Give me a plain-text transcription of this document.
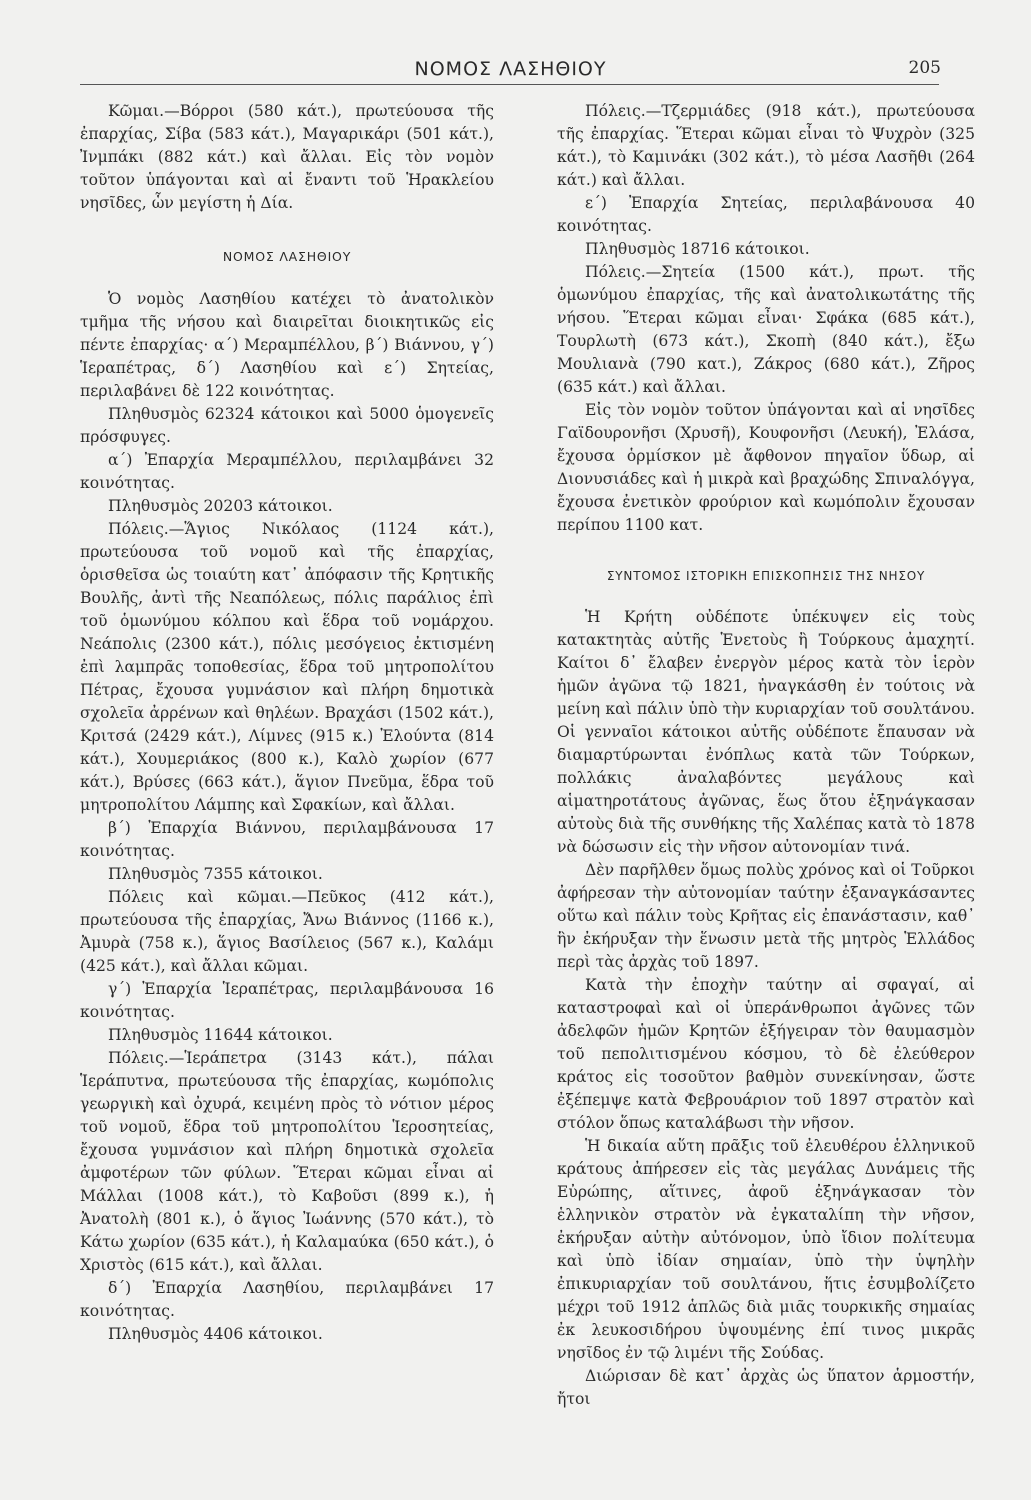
ΝΟΜΟΣ ΛΑΣΗΘΙΟΥ	205

Κῶμαι.—Βόρροι (580 κάτ.), πρωτεύουσα τῆς ἐπαρχίας, Σίβα (583 κάτ.), Μαγαρικάρι (501 κάτ.), Ἰνμπάκι (882 κάτ.) καὶ ἄλλαι. Εἰς τὸν νομὸν τοῦτον ὑπάγονται καὶ αἱ ἔναντι τοῦ Ἡρακλείου νησῖδες, ὧν μεγίστη ἡ Δία.

ΝΟΜΟΣ ΛΑΣΗΘΙΟΥ

Ὁ νομὸς Λασηθίου κατέχει τὸ ἀνατολικὸν τμῆμα τῆς νήσου καὶ διαιρεῖται διοικητικῶς εἰς πέντε ἐπαρχίας· α΄) Μεραμπέλλου, β΄) Βιάννου, γ΄) Ἱεραπέτρας, δ΄) Λασηθίου καὶ ε΄) Σητείας, περιλαβάνει δὲ 122 κοινότητας.

Πληθυσμὸς 62324 κάτοικοι καὶ 5000 ὁμογενεῖς πρόσφυγες.

α΄) Ἐπαρχία Μεραμπέλλου, περιλαμβάνει 32 κοινότητας.

Πληθυσμὸς 20203 κάτοικοι.

Πόλεις.—Ἅγιος Νικόλαος (1124 κάτ.), πρωτεύουσα τοῦ νομοῦ καὶ τῆς ἐπαρχίας, ὁρισθεῖσα ὡς τοιαύτη κατ᾽ ἀπόφασιν τῆς Κρητικῆς Βουλῆς, ἀντὶ τῆς Νεαπόλεως, πόλις παράλιος ἐπὶ τοῦ ὁμωνύμου κόλπου καὶ ἕδρα τοῦ νομάρχου. Νεάπολις (2300 κάτ.), πόλις μεσόγειος ἐκτισμένη ἐπὶ λαμπρᾶς τοποθεσίας, ἕδρα τοῦ μητροπολίτου Πέτρας, ἔχουσα γυμνάσιον καὶ πλήρη δημοτικὰ σχολεῖα ἀρρένων καὶ θηλέων. Βραχάσι (1502 κάτ.), Κριτσά (2429 κάτ.), Λίμνες (915 κ.) Ἐλούντα (814 κάτ.), Χουμεριάκος (800 κ.), Καλὸ χωρίον (677 κάτ.), Βρύσες (663 κάτ.), ἅγιον Πνεῦμα, ἕδρα τοῦ μητροπολίτου Λάμπης καὶ Σφακίων, καὶ ἄλλαι.

β΄) Ἐπαρχία Βιάννου, περιλαμβάνουσα 17 κοινότητας.

Πληθυσμὸς 7355 κάτοικοι.

Πόλεις καὶ κῶμαι.—Πεῦκος (412 κάτ.), πρωτεύουσα τῆς ἐπαρχίας, Ἄνω Βιάννος (1166 κ.), Ἀμυρὰ (758 κ.), ἅγιος Βασίλειος (567 κ.), Καλάμι (425 κάτ.), καὶ ἄλλαι κῶμαι.

γ΄) Ἐπαρχία Ἱεραπέτρας, περιλαμβάνουσα 16 κοινότητας.

Πληθυσμὸς 11644 κάτοικοι.

Πόλεις.—Ἱεράπετρα (3143 κάτ.), πάλαι Ἱεράπυτνα, πρωτεύουσα τῆς ἐπαρχίας, κωμόπολις γεωργικὴ καὶ ὀχυρά, κειμένη πρὸς τὸ νότιον μέρος τοῦ νομοῦ, ἕδρα τοῦ μητροπολίτου Ἱεροσητείας, ἔχουσα γυμνάσιον καὶ πλήρη δημοτικὰ σχολεῖα ἀμφοτέρων τῶν φύλων. Ἕτεραι κῶμαι εἶναι αἱ Μάλλαι (1008 κάτ.), τὸ Καβοῦσι (899 κ.), ἡ Ἀνατολὴ (801 κ.), ὁ ἅγιος Ἰωάννης (570 κάτ.), τὸ Κάτω χωρίον (635 κάτ.), ἡ Καλαμαύκα (650 κάτ.), ὁ Χριστὸς (615 κάτ.), καὶ ἄλλαι.

δ΄) Ἐπαρχία Λασηθίου, περιλαμβάνει 17 κοινότητας.

Πληθυσμὸς 4406 κάτοικοι.

Πόλεις.—Τζερμιάδες (918 κάτ.), πρωτεύουσα τῆς ἐπαρχίας. Ἕτεραι κῶμαι εἶναι τὸ Ψυχρὸν (325 κάτ.), τὸ Καμινάκι (302 κάτ.), τὸ μέσα Λασῆθι (264 κάτ.) καὶ ἄλλαι.

ε΄) Ἐπαρχία Σητείας, περιλαβάνουσα 40 κοινότητας.

Πληθυσμὸς 18716 κάτοικοι.

Πόλεις.—Σητεία (1500 κάτ.), πρωτ. τῆς ὁμωνύμου ἐπαρχίας, τῆς καὶ ἀνατολικωτάτης τῆς νήσου. Ἕτεραι κῶμαι εἶναι· Σφάκα (685 κάτ.), Τουρλωτὴ (673 κάτ.), Σκοπὴ (840 κάτ.), ἔξω Μουλιανὰ (790 κατ.), Ζάκρος (680 κάτ.), Ζῆρος (635 κάτ.) καὶ ἄλλαι.

Εἰς τὸν νομὸν τοῦτον ὑπάγονται καὶ αἱ νησῖδες Γαϊδουρονῆσι (Χρυσῆ), Κουφονῆσι (Λευκή), Ἐλάσα, ἔχουσα ὁρμίσκον μὲ ἄφθονον πηγαῖον ὕδωρ, αἱ Διονυσιάδες καὶ ἡ μικρὰ καὶ βραχώδης Σπιναλόγγα, ἔχουσα ἐνετικὸν φρούριον καὶ κωμόπολιν ἔχουσαν περίπου 1100 κατ.

ΣΥΝΤΟΜΟΣ ΙΣΤΟΡΙΚΗ ΕΠΙΣΚΟΠΗΣΙΣ ΤΗΣ ΝΗΣΟΥ

Ἡ Κρήτη οὐδέποτε ὑπέκυψεν εἰς τοὺς κατακτητὰς αὐτῆς Ἑνετοὺς ἢ Τούρκους ἀμαχητί. Καίτοι δ᾽ ἔλαβεν ἐνεργὸν μέρος κατὰ τὸν ἱερὸν ἡμῶν ἀγῶνα τῷ 1821, ἠναγκάσθη ἐν τούτοις νὰ μείνη καὶ πάλιν ὑπὸ τὴν κυριαρχίαν τοῦ σουλτάνου. Οἱ γενναῖοι κάτοικοι αὐτῆς οὐδέποτε ἔπαυσαν νὰ διαμαρτύρωνται ἐνόπλως κατὰ τῶν Τούρκων, πολλάκις ἀναλαβόντες μεγάλους καὶ αἱματηροτάτους ἀγῶνας, ἕως ὅτου ἐξηνάγκασαν αὐτοὺς διὰ τῆς συνθήκης τῆς Χαλέπας κατὰ τὸ 1878 νὰ δώσωσιν εἰς τὴν νῆσον αὐτονομίαν τινά.

Δὲν παρῆλθεν ὅμως πολὺς χρόνος καὶ οἱ Τοῦρκοι ἀφήρεσαν τὴν αὐτονομίαν ταύτην ἐξαναγκάσαντες οὕτω καὶ πάλιν τοὺς Κρῆτας εἰς ἐπανάστασιν, καθ᾽ ἣν ἐκήρυξαν τὴν ἕνωσιν μετὰ τῆς μητρὸς Ἑλλάδος περὶ τὰς ἀρχὰς τοῦ 1897.

Κατὰ τὴν ἐποχὴν ταύτην αἱ σφαγαί, αἱ καταστροφαὶ καὶ οἱ ὑπεράνθρωποι ἀγῶνες τῶν ἀδελφῶν ἡμῶν Κρητῶν ἐξήγειραν τὸν θαυμασμὸν τοῦ πεπολιτισμένου κόσμου, τὸ δὲ ἐλεύθερον κράτος εἰς τοσοῦτον βαθμὸν συνεκίνησαν, ὥστε ἐξέπεμψε κατὰ Φεβρουάριον τοῦ 1897 στρατὸν καὶ στόλον ὅπως καταλάβωσι τὴν νῆσον.

Ἡ δικαία αὕτη πρᾶξις τοῦ ἐλευθέρου ἑλληνικοῦ κράτους ἀπήρεσεν εἰς τὰς μεγάλας Δυνάμεις τῆς Εὐρώπης, αἵτινες, ἀφοῦ ἐξηνάγκασαν τὸν ἑλληνικὸν στρατὸν νὰ ἐγκαταλίπη τὴν νῆσον, ἐκήρυξαν αὐτὴν αὐτόνομον, ὑπὸ ἴδιον πολίτευμα καὶ ὑπὸ ἰδίαν σημαίαν, ὑπὸ τὴν ὑψηλὴν ἐπικυριαρχίαν τοῦ σουλτάνου, ἥτις ἐσυμβολίζετο μέχρι τοῦ 1912 ἁπλῶς διὰ μιᾶς τουρκικῆς σημαίας ἐκ λευκοσιδήρου ὑψουμένης ἐπί τινος μικρᾶς νησῖδος ἐν τῷ λιμένι τῆς Σούδας.

Διώρισαν δὲ κατ᾽ ἀρχὰς ὡς ὕπατον ἁρμοστήν, ἤτοι
